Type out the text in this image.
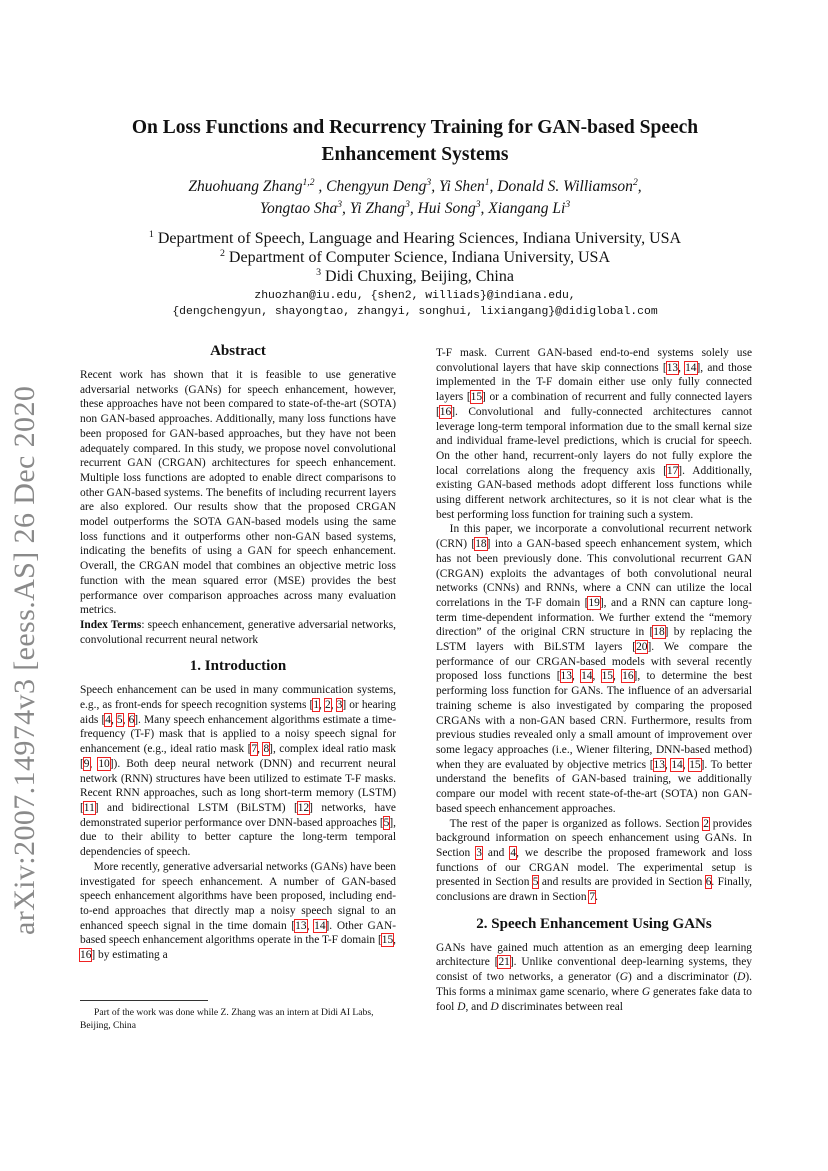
arXiv:2007.14974v3 [eess.AS] 26 Dec 2020
On Loss Functions and Recurrency Training for GAN-based Speech
Enhancement Systems
Zhuohuang Zhang$^{1,2}$ , Chengyun Deng$^3$, Yi Shen$^1$, Donald S. Williamson$^2$,
Yongtao Sha$^3$, Yi Zhang$^3$, Hui Song$^3$, Xiangang Li$^3$
$^1$ Department of Speech, Language and Hearing Sciences, Indiana University, USA
$^2$ Department of Computer Science, Indiana University, USA
$^3$ Didi Chuxing, Beijing, China
zhuozhan@iu.edu, {shen2, williads}@indiana.edu,
{dengchengyun, shayongtao, zhangyi, songhui, lixiangang}@didiglobal.com
Abstract

Recent work has shown that it is feasible to use generative adversarial networks (GANs) for speech enhancement, however, these approaches have not been compared to state-of-the-art (SOTA) non GAN-based approaches. Additionally, many loss functions have been proposed for GAN-based approaches, but they have not been adequately compared. In this study, we propose novel convolutional recurrent GAN (CRGAN) architectures for speech enhancement. Multiple loss functions are adopted to enable direct comparisons to other GAN-based systems. The benefits of including recurrent layers are also explored. Our results show that the proposed CRGAN model outperforms the SOTA GAN-based models using the same loss functions and it outperforms other non-GAN based systems, indicating the benefits of using a GAN for speech enhancement. Overall, the CRGAN model that combines an objective metric loss function with the mean squared error (MSE) provides the best performance over comparison approaches across many evaluation metrics.

Index Terms: speech enhancement, generative adversarial networks, convolutional recurrent neural network

1. Introduction

Speech enhancement can be used in many communication systems, e.g., as front-ends for speech recognition systems [1, 2, 3] or hearing aids [4, 5, 6]. Many speech enhancement algorithms estimate a time-frequency (T-F) mask that is applied to a noisy speech signal for enhancement (e.g., ideal ratio mask [7, 8], complex ideal ratio mask [9, 10]). Both deep neural network (DNN) and recurrent neural network (RNN) structures have been utilized to estimate T-F masks. Recent RNN approaches, such as long short-term memory (LSTM) [11] and bidirectional LSTM (BiLSTM) [12] networks, have demonstrated superior performance over DNN-based approaches [5], due to their ability to better capture the long-term temporal dependencies of speech.

More recently, generative adversarial networks (GANs) have been investigated for speech enhancement. A number of GAN-based speech enhancement algorithms have been proposed, including end-to-end approaches that directly map a noisy speech signal to an enhanced speech signal in the time domain [13, 14]. Other GAN-based speech enhancement algorithms operate in the T-F domain [15, 16] by estimating a

Part of the work was done while Z. Zhang was an intern at Didi AI Labs, Beijing, China

T-F mask. Current GAN-based end-to-end systems solely use convolutional layers that have skip connections [13, 14], and those implemented in the T-F domain either use only fully connected layers [15] or a combination of recurrent and fully connected layers [16]. Convolutional and fully-connected architectures cannot leverage long-term temporal information due to the small kernal size and individual frame-level predictions, which is crucial for speech. On the other hand, recurrent-only layers do not fully explore the local correlations along the frequency axis [17]. Additionally, existing GAN-based methods adopt different loss functions while using different network architectures, so it is not clear what is the best performing loss function for training such a system.

In this paper, we incorporate a convolutional recurrent network (CRN) [18] into a GAN-based speech enhancement system, which has not been previously done. This convolutional recurrent GAN (CRGAN) exploits the advantages of both convolutional neural networks (CNNs) and RNNs, where a CNN can utilize the local correlations in the T-F domain [19], and a RNN can capture long-term time-dependent information. We further extend the “memory direction” of the original CRN structure in [18] by replacing the LSTM layers with BiLSTM layers [20]. We compare the performance of our CRGAN-based models with several recently proposed loss functions [13, 14, 15, 16], to determine the best performing loss function for GANs. The influence of an adversarial training scheme is also investigated by comparing the proposed CRGANs with a non-GAN based CRN. Furthermore, results from previous studies revealed only a small amount of improvement over some legacy approaches (i.e., Wiener filtering, DNN-based method) when they are evaluated by objective metrics [13, 14, 15]. To better understand the benefits of GAN-based training, we additionally compare our model with recent state-of-the-art (SOTA) non GAN-based speech enhancement approaches.

The rest of the paper is organized as follows. Section 2 provides background information on speech enhancement using GANs. In Section 3 and 4, we describe the proposed framework and loss functions of our CRGAN model. The experimental setup is presented in Section 5 and results are provided in Section 6. Finally, conclusions are drawn in Section 7.

2. Speech Enhancement Using GANs

GANs have gained much attention as an emerging deep learning architecture [21]. Unlike conventional deep-learning systems, they consist of two networks, a generator (G) and a discriminator (D). This forms a minimax game scenario, where G generates fake data to fool D, and D discriminates between real
